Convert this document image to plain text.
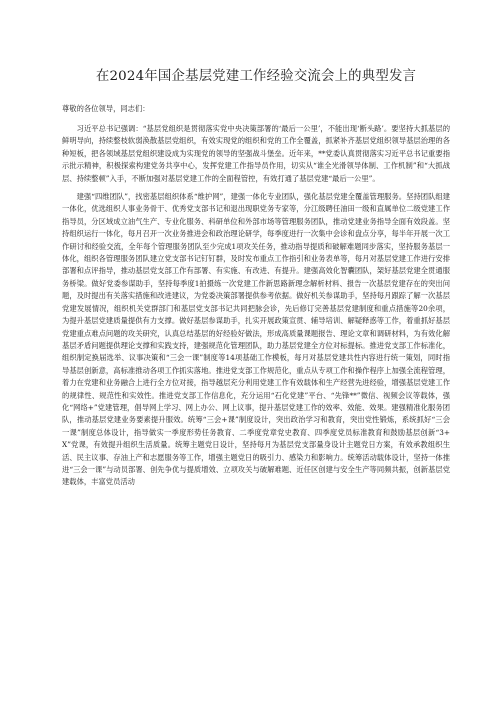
在2024年国企基层党建工作经验交流会上的典型发言

尊敬的各位领导，同志们：

习近平总书记强调：“基层党组织是贯彻落实党中央决策部署的‘最后一公里’，不能出现‘断头路’。要坚持大抓基层的鲜明导向，持续整枝软弱涣散基层党组织，有效实现党的组织和党的工作全覆盖，抓紧补齐基层党组织领导基层治理的各种短板，把各领域基层党组织建设成为实现党的领导的坚强战斗堡垒。近年来，**党委认真贯彻落实习近平总书记重要指示批示精神，积极探索构建党务共享中心，发挥党建工作指导员作用，切实从“谁全光滑领导体制、工作机制”和“大抓战层、持续整顿”入手，不断加强对基层党建工作的全面程管控，有效打通了基层党建“最后一公里”。

建强“四维团队”，找密基层组织体系“维护网”，建强一体化专业团队，强化基层党建全覆盖管理服务。坚持团队组建一体化，优选组织人事业务骨干、优秀党支部书记和退出现职党务专家等，分江级聘任油田一级和直属单位二级党建工作指导员，分区域成立油气生产、专业化服务、科研单位和外部市场等管理服务团队，推动党建业务指导全面有效段盖。坚持组织运行一体化，每月召开一次业务推进会和政治理论研学，每季度进行一次集中会诊和盘点分享，每半年开展一次工作研讨和经验交流，全年每个管理服务团队至少完成1项攻关任务，推动指导提质和破解难题同步落实，坚持服务基层一体化，组织各管理服务团队建立党支部书记钉钉群，及时发布重点工作指引和业务表单等，每月对基层党建工作进行安排部署和点评指导，推动基层党支部工作有部署、有实施、有改进、有提升。建强高效化智囊团队，架好基层党建全贯通服务桥梁。做好党委参谋助手，坚持每季度1拍摄练一次党建工作新思路新理念解析材料、报告一次基层党建存在的突出问题，及时提出有关落实措施和改进建议，为党委决策部署提供参考依据。做好机关参谋助手，坚持每月跟踪了解一次基层党建发展情况，组织机关党群部门和基层党支部书记共同把脉会诊，先后修订完善基层党建制度和重点措施等20余项，为提升基层党建质量提供有力支撑。做好基层参谋助手，扎实开展政策宣贯、辅导培训、解疑释惑等工作，着重抓好基层党建重点难点问题的攻关研究，认真总结基层的好经验好做法，形成高质量课题报告、理论文章和调研材料，为有效化解基层矛盾问题提供理论支撑和实践支持，建强规范化管理团队，助力基层党建全方位对标提标。推进党支部工作标准化，组织制定换届选举、议事决策和“三会一课”制度等14项基础工作模板，每月对基层党建共性内容进行统一策划，同时指导基层创新意，高标准推动各项工作抓实落地。推进党支部工作规范化，重点从专项工作和操作程序上加强全流程管理，着力在党建和业务融合上进行全方位对接，指导越层充分利用党建工作有效载体和生产经营先进经验，增强基层党建工作的规律性、规范性和实效性。推进党支部工作信息化，充分运用“石化党建”平台、“先锋**”微信、视频会议等载体，强化“网络+”党建管理，倡导网上学习、网上办公、网上议事，提升基层党建工作的效率、效能、效果。建强精准化服务团队，推动基层党建业务要素提升服效。统筹“三会+课”制度设计，突出政治学习和教育，突出党性锻炼，系统抓好“三会一课”制度总体设计，指导做实一季度形势任务教育、二季度党章党史教育、四季度党员标准教育和鼓励基层创新“3+X”党课，有效提升组织生活质量。统筹主题党日设计，坚持每月为基层党支部量身设计主题党日方案，有效承教组织生活、民主议事、存油上产和志愿服务等工作，增强主题党日的吸引力、感染力和影响力。统筹活动载体设计，坚持一体推进“三会一课”与动员部署、创先争优与提质增效、立项攻关与破解难题、近任区创建与安全生产等同频共振，创新基层党建载体，丰富党员活动
